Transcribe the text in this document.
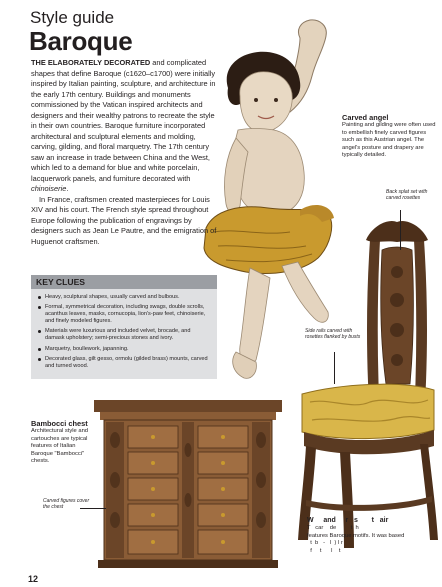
Style guide
Baroque

THE ELABORATELY DECORATED and complicated shapes that define Baroque (c1620–c1700) were initially inspired by Italian painting, sculpture, and architecture in the early 17th century. Buildings and monuments commissioned by the Vatican inspired architects and designers and their wealthy patrons to recreate the style in their own countries. Baroque furniture incorporated architectural and sculptural elements and molding, carving, gilding, and floral marquetry. The 17th century saw an increase in trade between China and the West, which led to a demand for blue and white porcelain, lacquerwork panels, and furniture decorated with chinoiserie.

In France, craftsmen created masterpieces for Louis XIV and his court. The French style spread throughout Europe following the publication of engravings by designers such as Jean Le Pautre, and the emigration of Huguenot craftsmen.

KEY CLUES
Heavy, sculptural shapes, usually carved and bulbous.
Formal, symmetrical decoration, including swags, double scrolls, acanthus leaves, masks, cornucopia, lion's-paw feet, chinoiserie, and finely modeled figures.
Materials were luxurious and included velvet, brocade, and damask upholstery; semi-precious stones and ivory.
Marquetry, boullework, japanning.
Decorated glass, gilt gesso, ormolu (gilded brass) mounts, carved and turned wood.
Carved angel
Painting and gilding were often used to embellish finely carved figures such as this Austrian angel. The angel's posture and drapery are typically detailed.
Bambocci chest
Architectural style and cartouches are typical features of Italian Baroque "Bambocci" chests.
W     and     r   s       t   air
T   car    de         t  h
features Baroque motifs. It was based
t  b   -   l  ) l r
f     t      l    t
Back splat set with carved rosettes
Side rails carved with rosettes flanked by busts
Carved figures cover the chest
12
